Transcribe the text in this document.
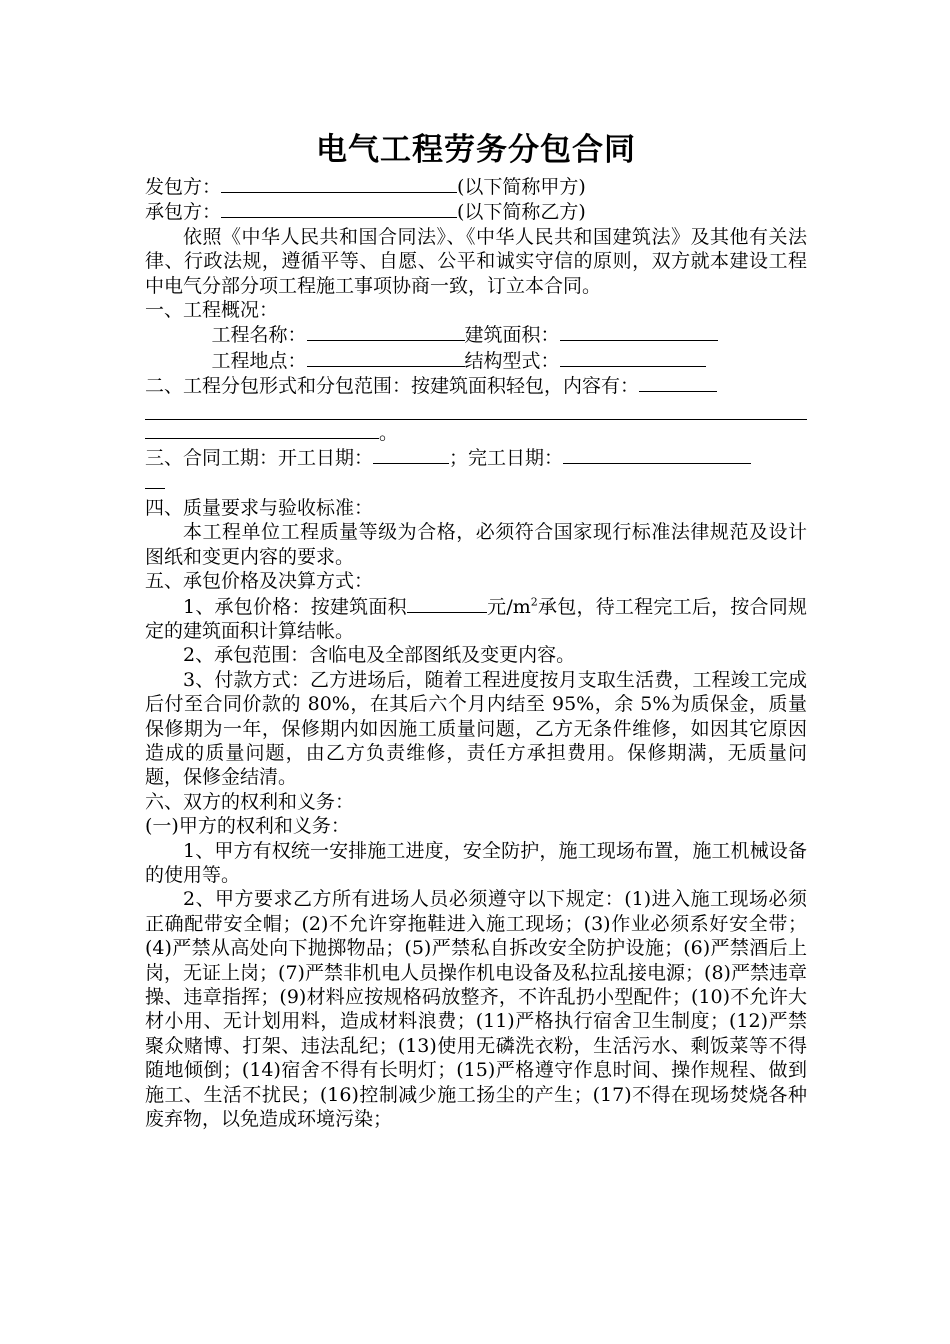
电气工程劳务分包合同

发包方：	(以下简称甲方)

承包方：	(以下简称乙方)

依照《中华人民共和国合同法》、《中华人民共和国建筑法》及其他有关法律、行政法规，遵循平等、自愿、公平和诚实守信的原则，双方就本建设工程中电气分部分项工程施工事项协商一致，订立本合同。

一、工程概况：

工程名称：	建筑面积：

工程地点：	结构型式：

二、工程分包形式和分包范围：按建筑面积轻包，内容有：

。

三、合同工期：开工日期：	；完工日期：

四、质量要求与验收标准：

本工程单位工程质量等级为合格，必须符合国家现行标准法律规范及设计图纸和变更内容的要求。

五、承包价格及决算方式：

1、承包价格：按建筑面积	元$/m^2$承包，待工程完工后，按合同规定的建筑面积计算结帐。

2、承包范围：含临电及全部图纸及变更内容。

3、付款方式：乙方进场后，随着工程进度按月支取生活费，工程竣工完成后付至合同价款的 80%，在其后六个月内结至 95%，余 5%为质保金，质量保修期为一年，保修期内如因施工质量问题，乙方无条件维修，如因其它原因造成的质量问题，由乙方负责维修，责任方承担费用。保修期满，无质量问题，保修金结清。

六、双方的权利和义务：

(一)甲方的权利和义务：

1、甲方有权统一安排施工进度，安全防护，施工现场布置，施工机械设备的使用等。

2、甲方要求乙方所有进场人员必须遵守以下规定：(1)进入施工现场必须正确配带安全帽；(2)不允许穿拖鞋进入施工现场；(3)作业必须系好安全带；(4)严禁从高处向下抛掷物品；(5)严禁私自拆改安全防护设施；(6)严禁酒后上岗，无证上岗；(7)严禁非机电人员操作机电设备及私拉乱接电源；(8)严禁违章操、违章指挥；(9)材料应按规格码放整齐，不许乱扔小型配件；(10)不允许大材小用、无计划用料，造成材料浪费；(11)严格执行宿舍卫生制度；(12)严禁聚众赌博、打架、违法乱纪；(13)使用无磷洗衣粉，生活污水、剩饭菜等不得随地倾倒；(14)宿舍不得有长明灯；(15)严格遵守作息时间、操作规程、做到施工、生活不扰民；(16)控制减少施工扬尘的产生；(17)不得在现场焚烧各种废弃物，以免造成环境污染；
